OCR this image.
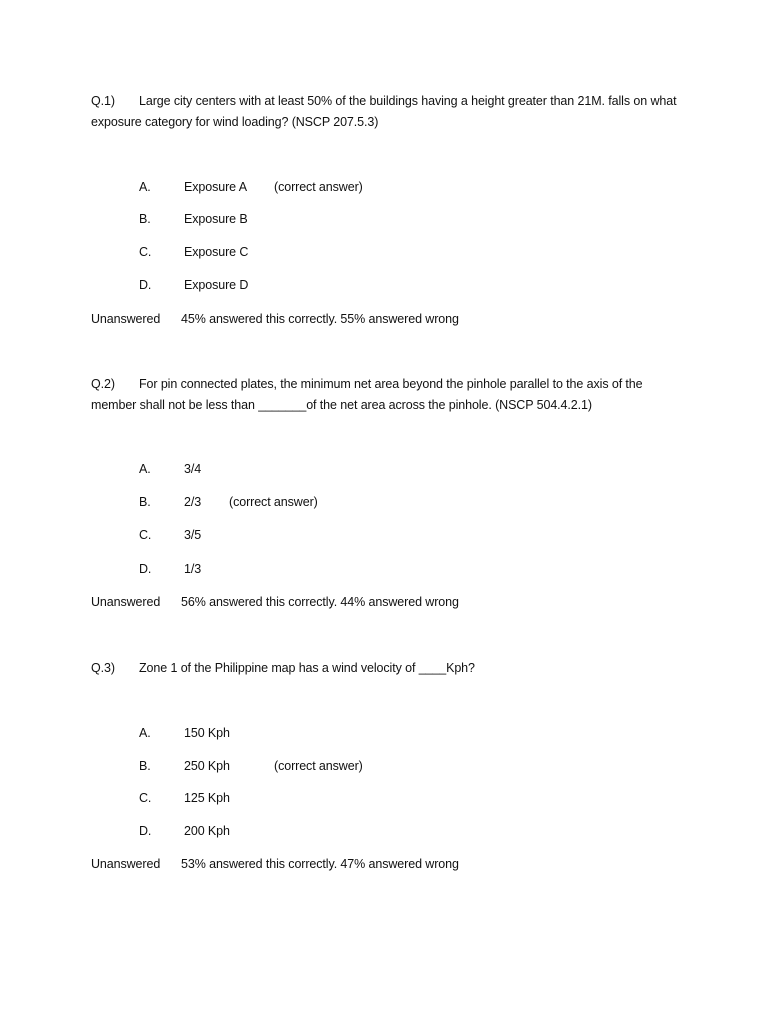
Q.1) Large city centers with at least 50% of the buildings having a height greater than 21M. falls on what exposure category for wind loading? (NSCP 207.5.3)
A.	Exposure A (correct answer)
B.	Exposure B
C.	Exposure C
D.	Exposure D
Unanswered 45% answered this correctly. 55% answered wrong
Q.2) For pin connected plates, the minimum net area beyond the pinhole parallel to the axis of the member shall not be less than _______of the net area across the pinhole. (NSCP 504.4.2.1)
A.	3/4
B.	2/3 (correct answer)
C.	3/5
D.	1/3
Unanswered 56% answered this correctly. 44% answered wrong
Q.3) Zone 1 of the Philippine map has a wind velocity of ____Kph?
A.	150 Kph
B.	250 Kph	(correct answer)
C.	125 Kph
D.	200 Kph
Unanswered 53% answered this correctly. 47% answered wrong
